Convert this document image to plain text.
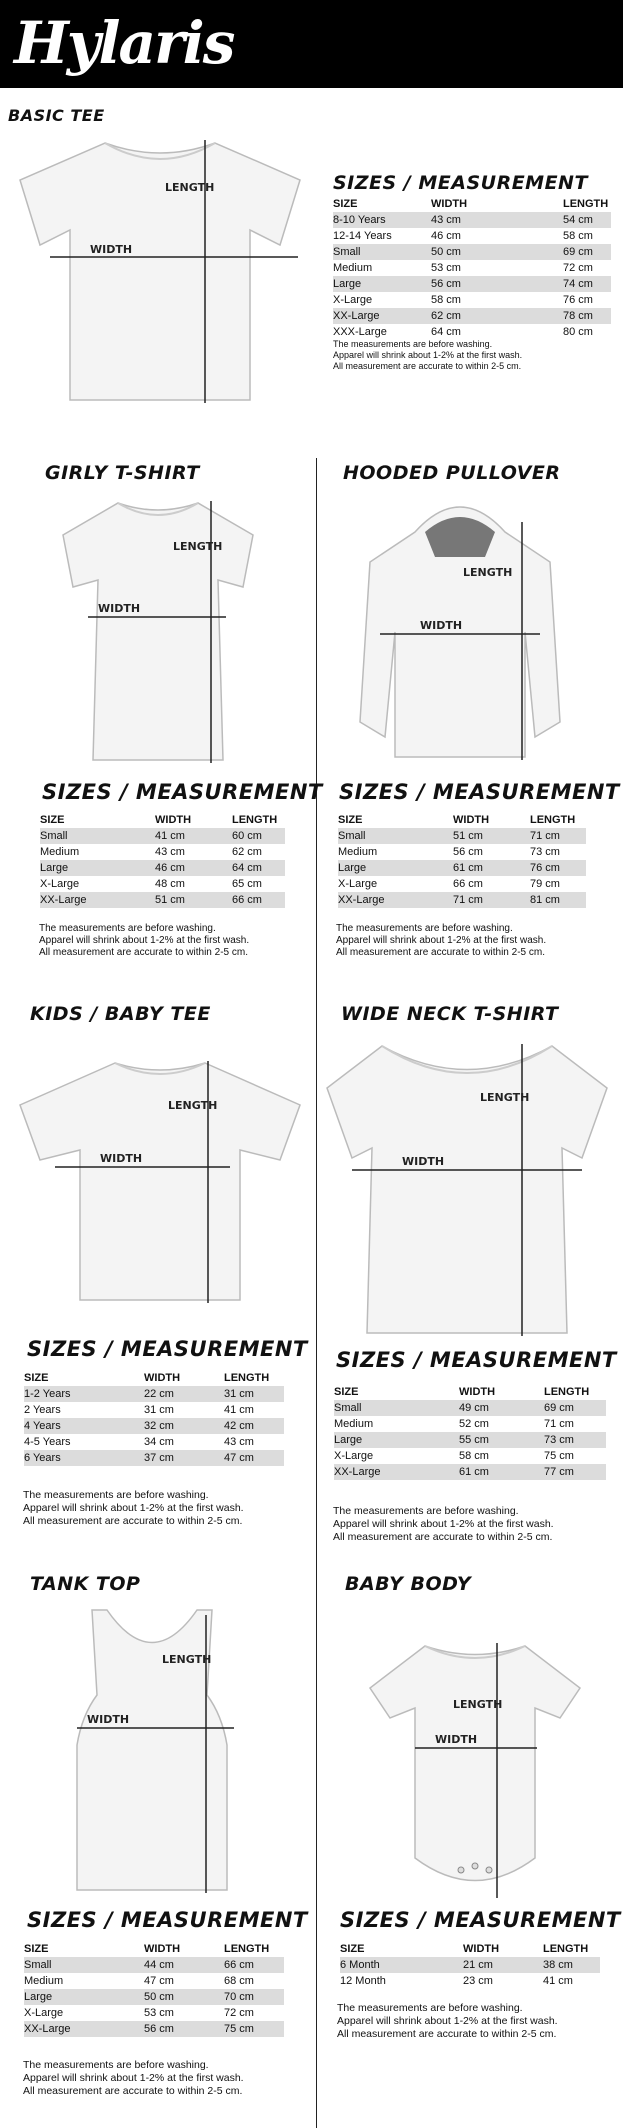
Hylaris
BASIC TEE
LENGTH
WIDTH
SIZES / MEASUREMENT
SIZE	WIDTH	LENGTH
8-10 Years	43 cm	54 cm
12-14 Years	46 cm	58 cm
Small	50 cm	69 cm
Medium	53 cm	72 cm
Large	56 cm	74 cm
X-Large	58 cm	76 cm
XX-Large	62 cm	78 cm
XXX-Large	64 cm	80 cm
The measurements are before washing.
Apparel will shrink about 1-2% at the first wash.
All measurement are accurate to within 2-5 cm.
GIRLY T-SHIRT
LENGTH
WIDTH
SIZES / MEASUREMENT
SIZE	WIDTH	LENGTH
Small	41 cm	60 cm
Medium	43 cm	62 cm
Large	46 cm	64 cm
X-Large	48 cm	65 cm
XX-Large	51 cm	66 cm
The measurements are before washing.
Apparel will shrink about 1-2% at the first wash.
All measurement are accurate to within 2-5 cm.
HOODED PULLOVER
LENGTH
WIDTH
SIZES / MEASUREMENT
SIZE	WIDTH	LENGTH
Small	51 cm	71 cm
Medium	56 cm	73 cm
Large	61 cm	76 cm
X-Large	66 cm	79 cm
XX-Large	71 cm	81 cm
The measurements are before washing.
Apparel will shrink about 1-2% at the first wash.
All measurement are accurate to within 2-5 cm.
KIDS / BABY TEE
LENGTH
WIDTH
SIZES / MEASUREMENT
SIZE	WIDTH	LENGTH
1-2 Years	22 cm	31 cm
2 Years	31 cm	41 cm
4 Years	32 cm	42 cm
4-5 Years	34 cm	43 cm
6 Years	37 cm	47 cm
The measurements are before washing.
Apparel will shrink about 1-2% at the first wash.
All measurement are accurate to within 2-5 cm.
WIDE NECK T-SHIRT
LENGTH
WIDTH
SIZES / MEASUREMENT
SIZE	WIDTH	LENGTH
Small	49 cm	69 cm
Medium	52 cm	71 cm
Large	55 cm	73 cm
X-Large	58 cm	75 cm
XX-Large	61 cm	77 cm
The measurements are before washing.
Apparel will shrink about 1-2% at the first wash.
All measurement are accurate to within 2-5 cm.
TANK TOP
LENGTH
WIDTH
SIZES / MEASUREMENT
SIZE	WIDTH	LENGTH
Small	44 cm	66 cm
Medium	47 cm	68 cm
Large	50 cm	70 cm
X-Large	53 cm	72 cm
XX-Large	56 cm	75 cm
The measurements are before washing.
Apparel will shrink about 1-2% at the first wash.
All measurement are accurate to within 2-5 cm.
BABY BODY
LENGTH
WIDTH
SIZES / MEASUREMENT
SIZE	WIDTH	LENGTH
6 Month	21 cm	38 cm
12 Month	23 cm	41 cm
The measurements are before washing.
Apparel will shrink about 1-2% at the first wash.
All measurement are accurate to within 2-5 cm.
